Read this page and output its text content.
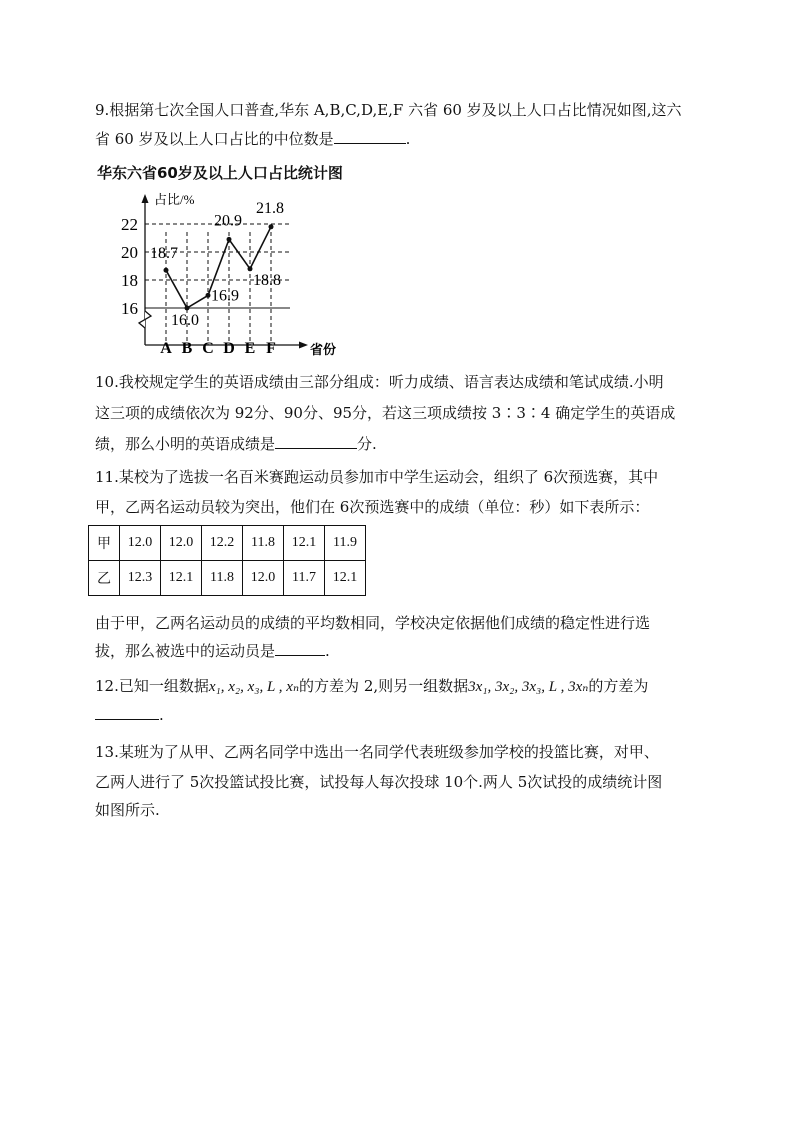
9.根据第七次全国人口普查,华东 A,B,C,D,E,F 六省 60 岁及以上人口占比情况如图,这六
省 60 岁及以上人口占比的中位数是	.
华东六省60岁及以上人口占比统计图
16
18
20
22
A B C D E F
18.7
16.0
16.9
20.9
18.8
21.8
占比/%
省份
10.我校规定学生的英语成绩由三部分组成：听力成绩、语言表达成绩和笔试成绩.小明
这三项的成绩依次为 92分、90分、95分，若这三项成绩按 3∶3∶4 确定学生的英语成
绩，那么小明的英语成绩是	分.
11.某校为了选拔一名百米赛跑运动员参加市中学生运动会，组织了 6次预选赛，其中
甲，乙两名运动员较为突出，他们在 6次预选赛中的成绩（单位：秒）如下表所示：
甲	12.0	12.0	12.2	11.8	12.1	11.9
乙	12.3	12.1	11.8	12.0	11.7	12.1
由于甲，乙两名运动员的成绩的平均数相同，学校决定依据他们成绩的稳定性进行选
拔，那么被选中的运动员是	.
12.已知一组数据x₁, x₂, x₃, L , xₙ的方差为 2,则另一组数据3x₁, 3x₂, 3x₃, L , 3xₙ的方差为
.
13.某班为了从甲、乙两名同学中选出一名同学代表班级参加学校的投篮比赛，对甲、
乙两人进行了 5次投篮试投比赛，试投每人每次投球 10个.两人 5次试投的成绩统计图
如图所示.
